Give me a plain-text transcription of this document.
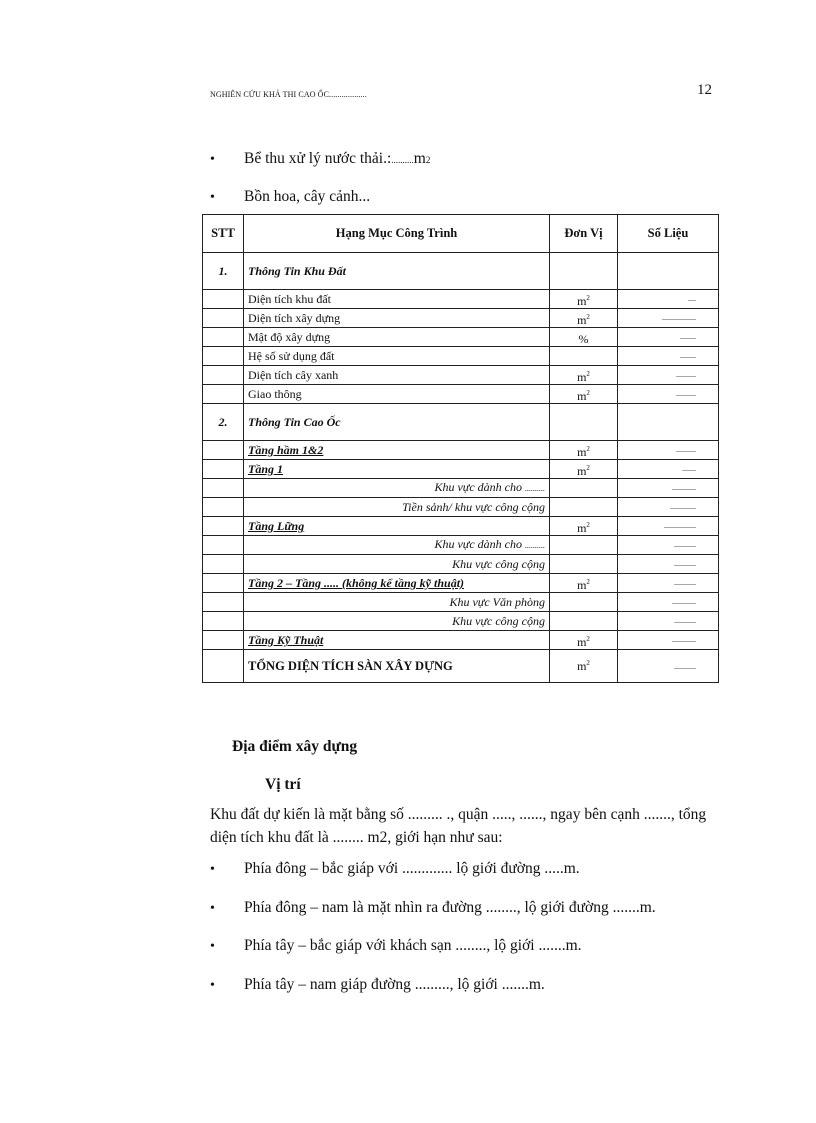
NGHIÊN CỨU KHẢ THI CAO ỐC..................	12
•	Bể thu xử lý nước thải.: .......... m 2
•	Bồn hoa, cây cảnh...
STT	Hạng Mục Công Trình	Đơn Vị	Số Liệu
1.	Thông Tin Khu Đất		
	Diện tích khu đất	$m^2$	....
	Diện tích xây dựng	$m^2$	.................
	Mật độ xây dựng	%	........
	Hệ số sử dụng đất		........
	Diện tích cây xanh	$m^2$	..........
	Giao thông	$m^2$	..........
2.	Thông Tin Cao Ốc		
	Tầng hầm 1&2	$m^2$	..........
	Tầng 1	$m^2$	.......
	Khu vực dành cho ..........		............
	Tiền sảnh/ khu vực công cộng		.............
	Tầng Lững	$m^2$	................
	Khu vực dành cho ..........		...........
	Khu vực công cộng		...........
	Tầng 2 – Tầng ..... (không kể tầng kỹ thuật)	$m^2$	...........
	Khu vực Văn phòng		............
	Khu vực công cộng		...........
	Tầng Kỹ Thuật	$m^2$	............
	TỔNG DIỆN TÍCH SÀN XÂY DỰNG	$m^2$	...........
Địa điểm xây dựng
Vị trí
Khu đất dự kiến là mặt bằng số ......... ., quận ....., ......, ngay bên cạnh ......., tổng diện tích khu đất là ........ m2, giới hạn như sau:
•	Phía đông – bắc giáp với ............. lộ giới đường .....m.
•	Phía đông – nam là mặt nhìn ra đường ........, lộ giới đường .......m.
•	Phía tây – bắc giáp với khách sạn ........, lộ giới .......m.
•	Phía tây – nam giáp đường ........., lộ giới .......m.
